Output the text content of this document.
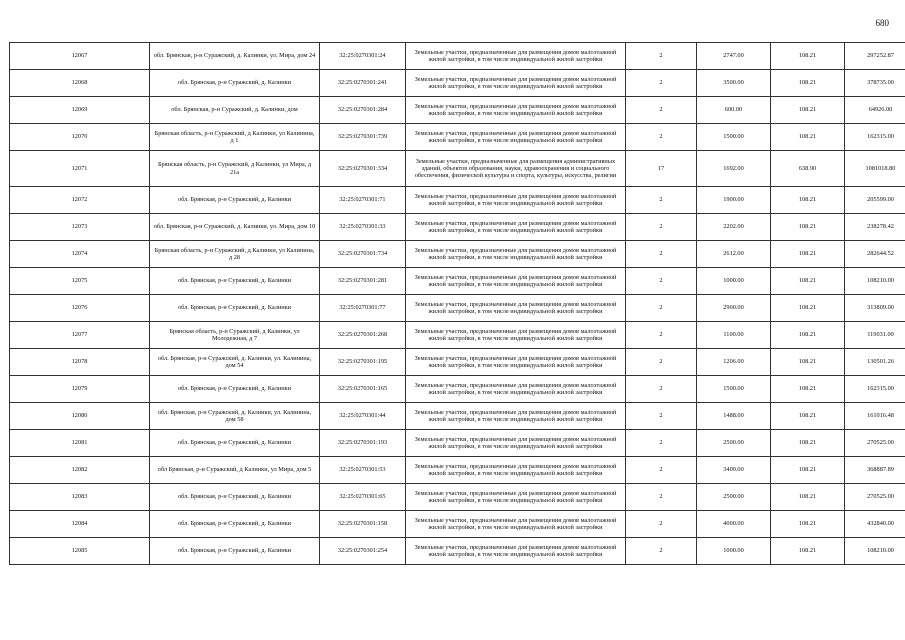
680
12067	обл. Брянская, р-н Суражский, д. Калинки, ул. Мира, дом 24	32:25:0270301:24	Земельные участки, предназначенные для размещения домов малоэтажной жилой застройки, в том числе индивидуальной жилой застройки	2	2747.00	108.21	297252.87
12068	обл. Брянская, р-н Суражский, д. Калинки	32:25:0270301:241	Земельные участки, предназначенные для размещения домов малоэтажной жилой застройки, в том числе индивидуальной жилой застройки	2	3500.00	108.21	378735.00
12069	обл. Брянская, р-н Суражский, д. Калинки, дом	32:25:0270301:284	Земельные участки, предназначенные для размещения домов малоэтажной жилой застройки, в том числе индивидуальной жилой застройки	2	600.00	108.21	64926.00
12070	Брянская область, р-н Суражский, д Калинки, ул Калинина, д 1	32:25:0270301:739	Земельные участки, предназначенные для размещения домов малоэтажной жилой застройки, в том числе индивидуальной жилой застройки	2	1500.00	108.21	162315.00
12071	Брянская область, р-н Суражский, д Калинки, ул Мира, д 21а	32:25:0270301:334	Земельные участки, предназначенные для размещения административных зданий, объектов образования, науки, здравоохранения и социального обеспечения, физической культуры и спорта, культуры, искусства, религии	17	1692.00	638.90	1081018.80
12072	обл. Брянская, р-н Суражский, д. Калинки	32:25:0270301:71	Земельные участки, предназначенные для размещения домов малоэтажной жилой застройки, в том числе индивидуальной жилой застройки	2	1900.00	108.21	205599.00
12073	обл. Брянская, р-н Суражский, д. Калинки, ул. Мира, дом 10	32:25:0270301:33	Земельные участки, предназначенные для размещения домов малоэтажной жилой застройки, в том числе индивидуальной жилой застройки	2	2202.00	108.21	238278.42
12074	Брянская область, р-н Суражский, д Калинки, ул Калинина, д 28	32:25:0270301:734	Земельные участки, предназначенные для размещения домов малоэтажной жилой застройки, в том числе индивидуальной жилой застройки	2	2612.00	108.21	282644.52
12075	обл. Брянская, р-н Суражский, д. Калинки	32:25:0270301:281	Земельные участки, предназначенные для размещения домов малоэтажной жилой застройки, в том числе индивидуальной жилой застройки	2	1000.00	108.21	108210.00
12076	обл. Брянская, р-н Суражский, д. Калинки	32:25:0270301:77	Земельные участки, предназначенные для размещения домов малоэтажной жилой застройки, в том числе индивидуальной жилой застройки	2	2900.00	108.21	313809.00
12077	Брянская область, р-н Суражский, д Калинки, ул Молодежная, д 7	32:25:0270301:268	Земельные участки, предназначенные для размещения домов малоэтажной жилой застройки, в том числе индивидуальной жилой застройки	2	1100.00	108.21	119031.00
12078	обл. Брянская, р-н Суражский, д. Калинки, ул. Калинина, дом 54	32:25:0270301:195	Земельные участки, предназначенные для размещения домов малоэтажной жилой застройки, в том числе индивидуальной жилой застройки	2	1206.00	108.21	130501.26
12079	обл. Брянская, р-н Суражский, д. Калинки	32:25:0270301:165	Земельные участки, предназначенные для размещения домов малоэтажной жилой застройки, в том числе индивидуальной жилой застройки	2	1500.00	108.21	162315.00
12080	обл. Брянская, р-н Суражский, д. Калинки, ул. Калинина, дом 58	32:25:0270301:44	Земельные участки, предназначенные для размещения домов малоэтажной жилой застройки, в том числе индивидуальной жилой застройки	2	1488.00	108.21	161016.48
12081	обл. Брянская, р-н Суражский, д. Калинки	32:25:0270301:193	Земельные участки, предназначенные для размещения домов малоэтажной жилой застройки, в том числе индивидуальной жилой застройки	2	2500.00	108.21	270525.00
12082	обл Брянская, р-н Суражский, д Калинки, ул Мира, дом 5	32:25:0270301:53	Земельные участки, предназначенные для размещения домов малоэтажной жилой застройки, в том числе индивидуальной жилой застройки	2	3409.00	108.21	368887.89
12083	обл. Брянская, р-н Суражский, д. Калинки	32:25:0270301:65	Земельные участки, предназначенные для размещения домов малоэтажной жилой застройки, в том числе индивидуальной жилой застройки	2	2500.00	108.21	270525.00
12084	обл. Брянская, р-н Суражский, д. Калинки	32:25:0270301:158	Земельные участки, предназначенные для размещения домов малоэтажной жилой застройки, в том числе индивидуальной жилой застройки	2	4000.00	108.21	432840.00
12085	обл. Брянская, р-н Суражский, д. Калинки	32:25:0270301:254	Земельные участки, предназначенные для размещения домов малоэтажной жилой застройки, в том числе индивидуальной жилой застройки	2	1000.00	108.21	108210.00
